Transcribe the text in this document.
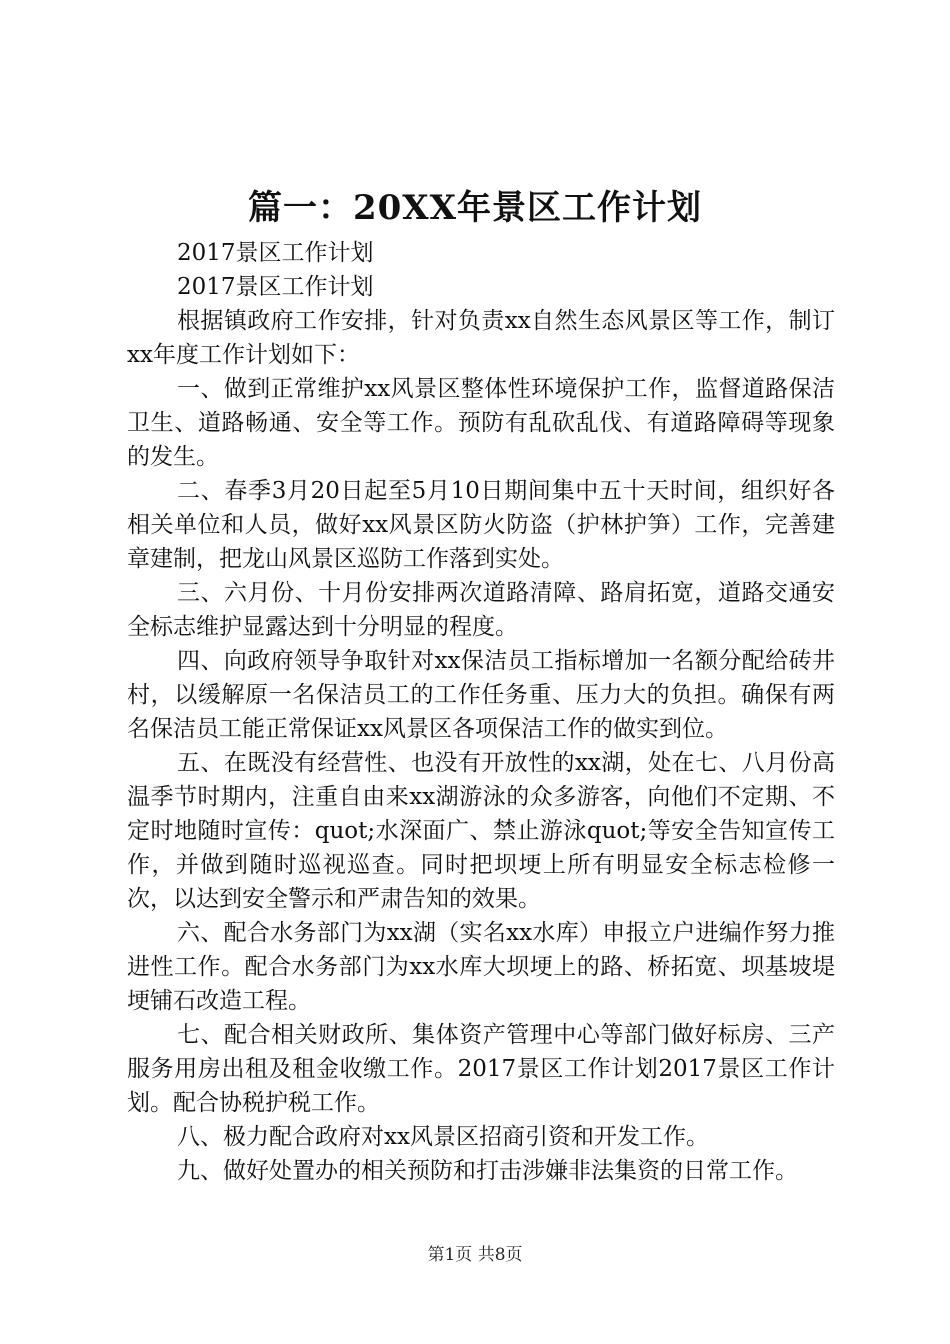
篇一：20XX年景区工作计划

2017景区工作计划

2017景区工作计划

根据镇政府工作安排，针对负责xx自然生态风景区等工作，制订xx年度工作计划如下：

一、做到正常维护xx风景区整体性环境保护工作，监督道路保洁卫生、道路畅通、安全等工作。预防有乱砍乱伐、有道路障碍等现象的发生。

二、春季3月20日起至5月10日期间集中五十天时间，组织好各相关单位和人员，做好xx风景区防火防盗（护林护笋）工作，完善建章建制，把龙山风景区巡防工作落到实处。

三、六月份、十月份安排两次道路清障、路肩拓宽，道路交通安全标志维护显露达到十分明显的程度。

四、向政府领导争取针对xx保洁员工指标增加一名额分配给砖井村，以缓解原一名保洁员工的工作任务重、压力大的负担。确保有两名保洁员工能正常保证xx风景区各项保洁工作的做实到位。

五、在既没有经营性、也没有开放性的xx湖，处在七、八月份高温季节时期内，注重自由来xx湖游泳的众多游客，向他们不定期、不定时地随时宣传：quot;水深面广、禁止游泳quot;等安全告知宣传工作，并做到随时巡视巡查。同时把坝埂上所有明显安全标志检修一次，以达到安全警示和严肃告知的效果。

六、配合水务部门为xx湖（实名xx水库）申报立户进编作努力推进性工作。配合水务部门为xx水库大坝埂上的路、桥拓宽、坝基坡堤埂铺石改造工程。

七、配合相关财政所、集体资产管理中心等部门做好标房、三产服务用房出租及租金收缴工作。2017景区工作计划2017景区工作计划。配合协税护税工作。

八、极力配合政府对xx风景区招商引资和开发工作。

九、做好处置办的相关预防和打击涉嫌非法集资的日常工作。

第1页 共8页
